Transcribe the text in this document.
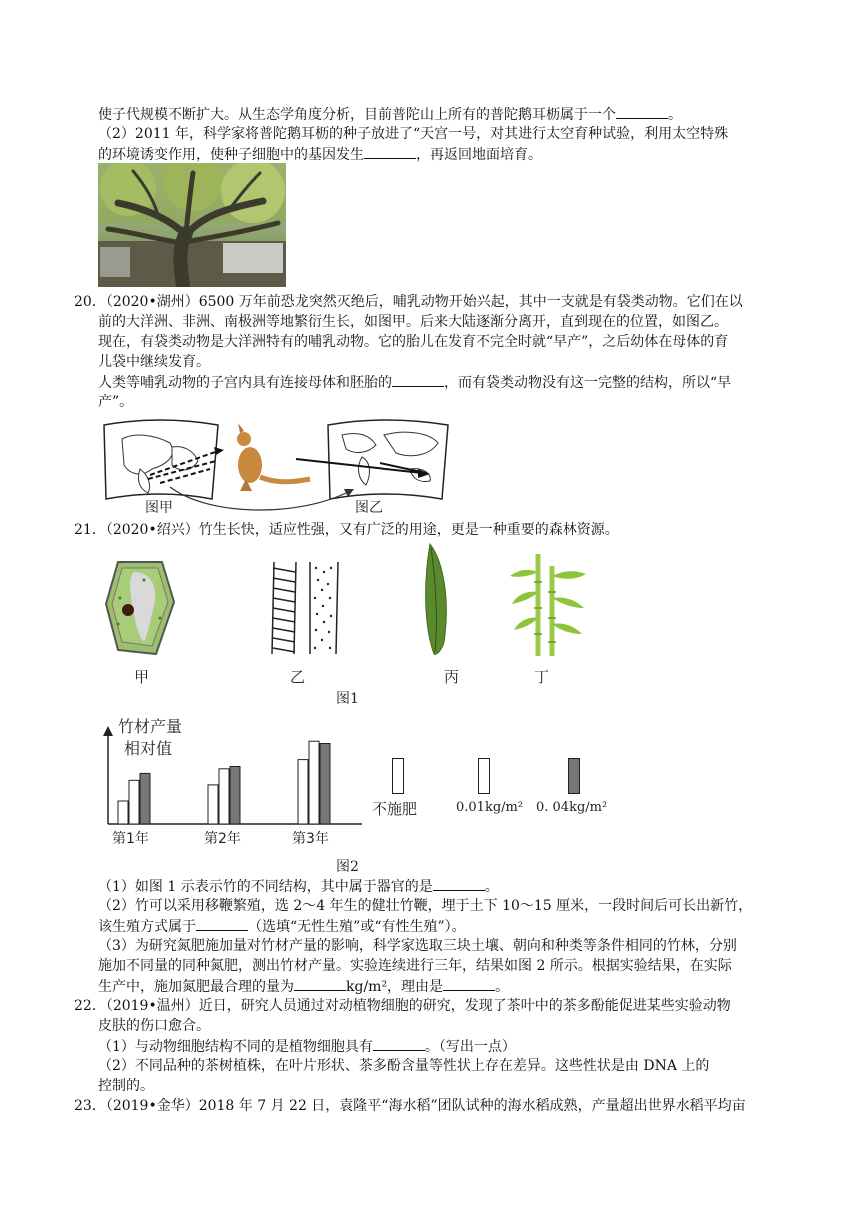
使子代规模不断扩大。从生态学角度分析，目前普陀山上所有的普陀鹅耳枥属于一个	。
（2）2011 年，科学家将普陀鹅耳枥的种子放进了“天宫一号，对其进行太空育种试验，利用太空特殊
的环境诱变作用，使种子细胞中的基因发生	，再返回地面培育。
20．（2020•湖州）6500 万年前恐龙突然灭绝后，哺乳动物开始兴起，其中一支就是有袋类动物。它们在以
前的大洋洲、非洲、南极洲等地繁衍生长，如图甲。后来大陆逐渐分离开，直到现在的位置，如图乙。
现在，有袋类动物是大洋洲特有的哺乳动物。它的胎儿在发育不完全时就“早产”，之后幼体在母体的育
儿袋中继续发育。
人类等哺乳动物的子宫内具有连接母体和胚胎的	，而有袋类动物没有这一完整的结构，所以“早
产”。
图甲	图乙
21．（2020•绍兴）竹生长快，适应性强，又有广泛的用途，更是一种重要的森林资源。
甲	乙	丙	丁
图1
竹材产量
相对值
第1年	第2年	第3年
不施肥	0.01kg/m² 0. 04kg/m²
图2
（1）如图 1 示表示竹的不同结构，其中属于器官的是	。
（2）竹可以采用移鞭繁殖，选 2～4 年生的健壮竹鞭，埋于土下 10～15 厘米，一段时间后可长出新竹，
该生殖方式属于	（选填“无性生殖”或“有性生殖”）。
（3）为研究氮肥施加量对竹材产量的影响，科学家选取三块土壤、朝向和种类等条件相同的竹林，分别
施加不同量的同种氮肥，测出竹材产量。实验连续进行三年，结果如图 2 所示。根据实验结果，在实际
生产中，施加氮肥最合理的量为	kg/m²，理由是	。
22．（2019•温州）近日，研究人员通过对动植物细胞的研究，发现了茶叶中的茶多酚能促进某些实验动物
皮肤的伤口愈合。
（1）与动物细胞结构不同的是植物细胞具有	。（写出一点）
（2）不同品种的茶树植株，在叶片形状、茶多酚含量等性状上存在差异。这些性状是由 DNA 上的
控制的。
23．（2019•金华）2018 年 7 月 22 日，袁隆平“海水稻”团队试种的海水稻成熟，产量超出世界水稻平均亩
